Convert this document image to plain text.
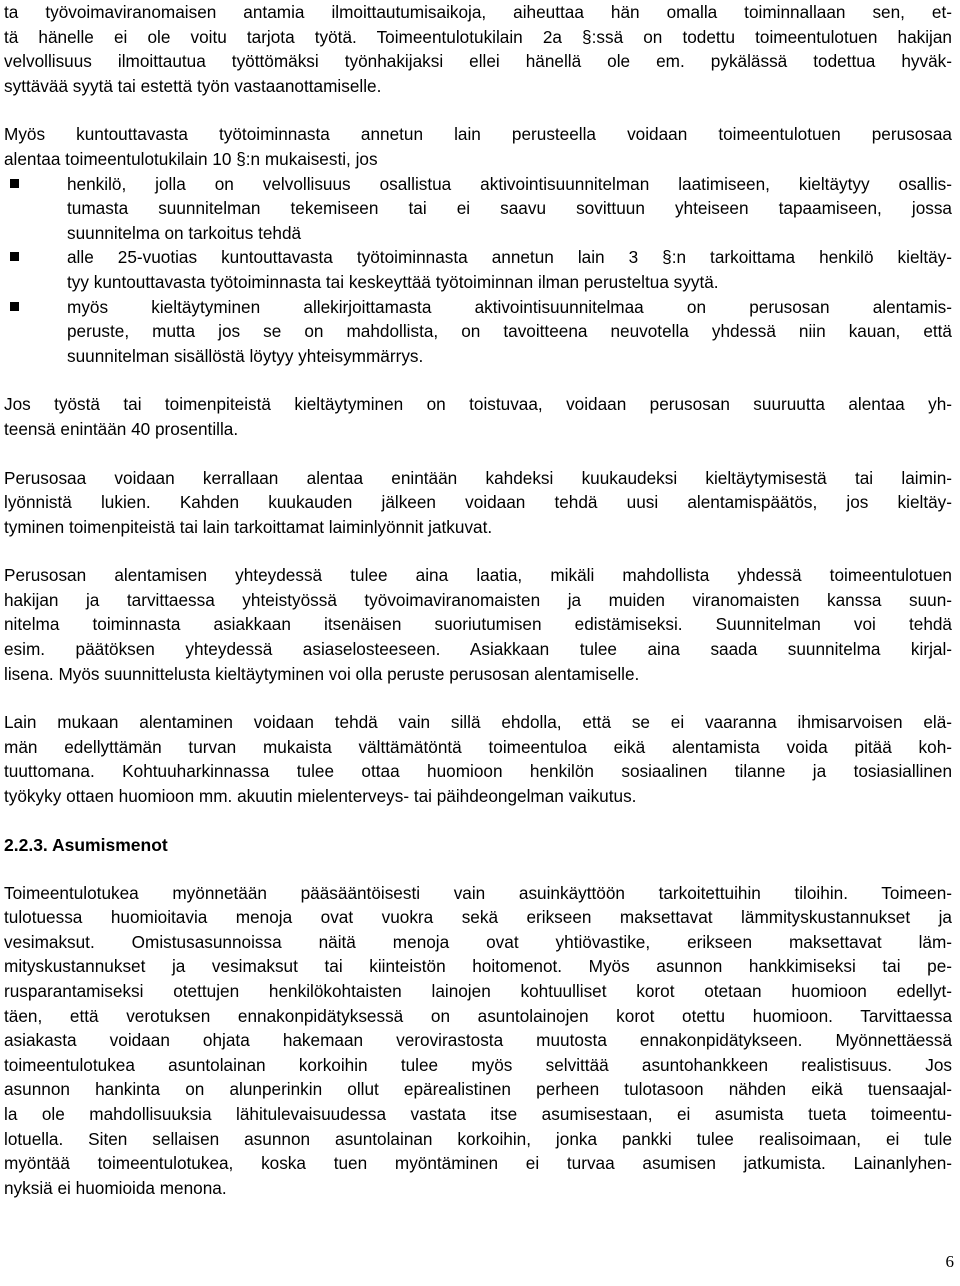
ta työvoimaviranomaisen antamia ilmoittautumisaikoja, aiheuttaa hän omalla toiminnallaan sen, et-
tä hänelle ei ole voitu tarjota työtä. Toimeentulotukilain 2a §:ssä on todettu toimeentulotuen hakijan
velvollisuus ilmoittautua työttömäksi työnhakijaksi ellei hänellä ole em. pykälässä todettua hyväk-
syttävää syytä tai estettä työn vastaanottamiselle.

Myös kuntouttavasta työtoiminnasta annetun lain perusteella voidaan toimeentulotuen perusosaa
alentaa toimeentulotukilain 10 §:n mukaisesti, jos

henkilö, jolla on velvollisuus osallistua aktivointisuunnitelman laatimiseen, kieltäytyy osallis-
tumasta suunnitelman tekemiseen tai ei saavu sovittuun yhteiseen tapaamiseen, jossa
suunnitelma on tarkoitus tehdä
alle 25-vuotias kuntouttavasta työtoiminnasta annetun lain 3 §:n tarkoittama henkilö kieltäy-
tyy kuntouttavasta työtoiminnasta tai keskeyttää työtoiminnan ilman perusteltua syytä.
myös kieltäytyminen allekirjoittamasta aktivointisuunnitelmaa on perusosan alentamis-
peruste, mutta jos se on mahdollista, on tavoitteena neuvotella yhdessä niin kauan, että
suunnitelman sisällöstä löytyy yhteisymmärrys.

Jos työstä tai toimenpiteistä kieltäytyminen on toistuvaa, voidaan perusosan suuruutta alentaa yh-
teensä enintään 40 prosentilla.

Perusosaa voidaan kerrallaan alentaa enintään kahdeksi kuukaudeksi kieltäytymisestä tai laimin-
lyönnistä lukien. Kahden kuukauden jälkeen voidaan tehdä uusi alentamispäätös, jos kieltäy-
tyminen toimenpiteistä tai lain tarkoittamat laiminlyönnit jatkuvat.

Perusosan alentamisen yhteydessä tulee aina laatia, mikäli mahdollista yhdessä toimeentulotuen
hakijan ja tarvittaessa yhteistyössä työvoimaviranomaisten ja muiden viranomaisten kanssa suun-
nitelma toiminnasta asiakkaan itsenäisen suoriutumisen edistämiseksi. Suunnitelman voi tehdä
esim. päätöksen yhteydessä asiaselosteeseen. Asiakkaan tulee aina saada suunnitelma kirjal-
lisena. Myös suunnittelusta kieltäytyminen voi olla peruste perusosan alentamiselle.

Lain mukaan alentaminen voidaan tehdä vain sillä ehdolla, että se ei vaaranna ihmisarvoisen elä-
män edellyttämän turvan mukaista välttämätöntä toimeentuloa eikä alentamista voida pitää koh-
tuuttomana. Kohtuuharkinnassa tulee ottaa huomioon henkilön sosiaalinen tilanne ja tosiasiallinen
työkyky ottaen huomioon mm. akuutin mielenterveys- tai päihdeongelman vaikutus.

2.2.3. Asumismenot

Toimeentulotukea myönnetään pääsääntöisesti vain asuinkäyttöön tarkoitettuihin tiloihin. Toimeen-
tulotuessa huomioitavia menoja ovat vuokra sekä erikseen maksettavat lämmityskustannukset ja
vesimaksut. Omistusasunnoissa näitä menoja ovat yhtiövastike, erikseen maksettavat läm-
mityskustannukset ja vesimaksut tai kiinteistön hoitomenot. Myös asunnon hankkimiseksi tai pe-
rusparantamiseksi otettujen henkilökohtaisten lainojen kohtuulliset korot otetaan huomioon edellyt-
täen, että verotuksen ennakonpidätyksessä on asuntolainojen korot otettu huomioon. Tarvittaessa
asiakasta voidaan ohjata hakemaan verovirastosta muutosta ennakonpidätykseen. Myönnettäessä
toimeentulotukea asuntolainan korkoihin tulee myös selvittää asuntohankkeen realistisuus. Jos
asunnon hankinta on alunperinkin ollut epärealistinen perheen tulotasoon nähden eikä tuensaajal-
la ole mahdollisuuksia lähitulevaisuudessa vastata itse asumisestaan, ei asumista tueta toimeentu-
lotuella. Siten sellaisen asunnon asuntolainan korkoihin, jonka pankki tulee realisoimaan, ei tule
myöntää toimeentulotukea, koska tuen myöntäminen ei turvaa asumisen jatkumista. Lainanlyhen-
nyksiä ei huomioida menona.

6
